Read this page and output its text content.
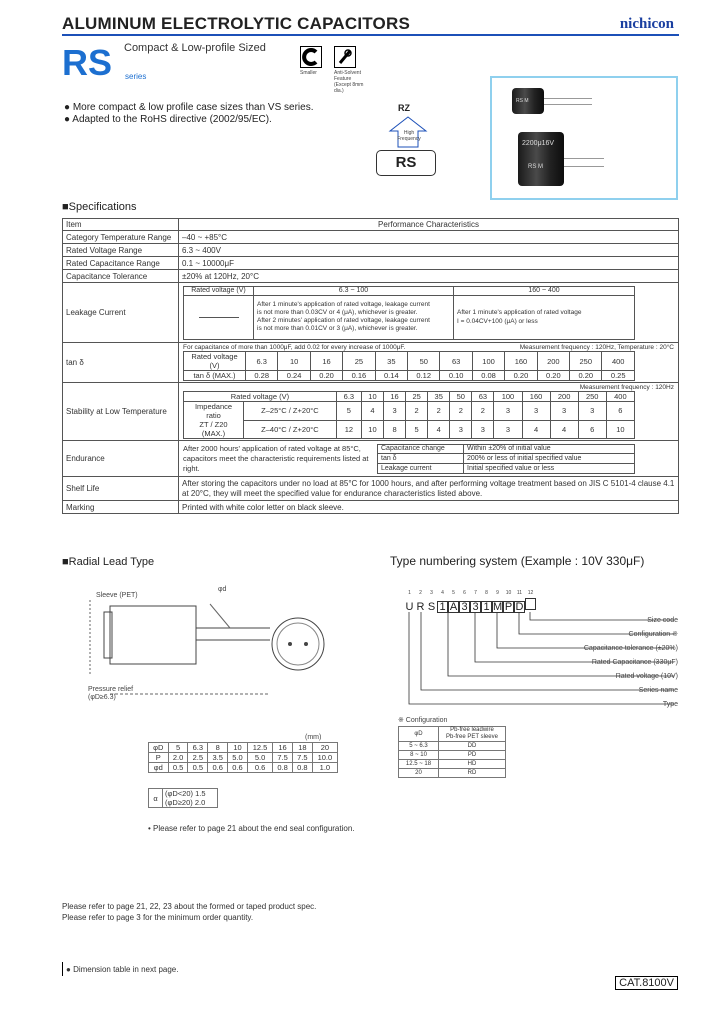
ALUMINUM ELECTROLYTIC CAPACITORS	nichicon
RS Compact & Low-profile Sized
series	Smaller	Anti-Solvent Feature (Except 8mm dia.)
● More compact & low profile case sizes than VS series.
● Adapted to the RoHS directive (2002/95/EC).
RZ
High Frequency
RS
RS M
2200μ16V
RS M
■Specifications
Item	Performance Characteristics
Category Temperature Range	–40 ~ +85°C
Rated Voltage Range	6.3 ~ 400V
Rated Capacitance Range	0.1 ~ 10000μF
Capacitance Tolerance	±20% at 120Hz, 20°C
Leakage Current	
Rated voltage (V)	6.3 ~ 100	160 ~ 400

After 1 minute's application of rated voltage, leakage current
is not more than 0.03CV or 4 (μA), whichever is greater.
After 2 minutes' application of rated voltage, leakage current
is not more than 0.01CV or 3 (μA), whichever is greater.

After 1 minute's application of rated voltage
I = 0.04CV+100 (μA) or less

tan δ	
For capacitance of more than 1000μF, add 0.02 for every increase of 1000μF.	Measurement frequency : 120Hz, Temperature : 20°C
Rated voltage (V)	6.3	10	16	25	35	50	63	100	160	200	250	400
tan δ (MAX.)	0.28	0.24	0.20	0.16	0.14	0.12	0.10	0.08	0.20	0.20	0.20	0.25

Stability at Low Temperature	
Measurement frequency : 120Hz
Rated voltage (V)	6.3	10	16	25	35	50	63	100	160	200	250	400

Impedance ratio
ZT / Z20 (MAX.)
	Z–25°C / Z+20°C	5	4	3	2	2	2	2	3	3	3	3	6
Z–40°C / Z+20°C	12	10	8	5	4	3	3	3	4	4	6	10

Endurance	
After 2000 hours' application of rated voltage at 85°C, capacitors meet the characteristic requirements listed at right.
Capacitance change	Within ±20% of initial value
tan δ	200% or less of initial specified value
Leakage current	Initial specified value or less

Shelf Life	After storing the capacitors under no load at 85°C for 1000 hours, and after performing voltage treatment based on JIS C 5101-4 clause 4.1 at 20°C, they will meet the specified value for endurance characteristics listed above.
Marking	Printed with white color letter on black sleeve.
■Radial Lead Type
Sleeve (PET)
φd
Pressure relief
(φD≥6.3)
(mm)
φD	5	6.3	8	10	12.5	16	18	20
P	2.0	2.5	3.5	5.0	5.0	7.5	7.5	10.0
φd	0.5	0.5	0.6	0.6	0.6	0.8	0.8	1.0
α	(φD<20) 1.5
(φD≥20) 2.0
• Please refer to page 21 about the end seal configuration.
Type numbering system (Example : 10V 330μF)
1 2 3 4 5 6 7 8 9 10 11 12
U R S 1 A 3 3 1 M P D
Size code
Configuration ※
Capacitance tolerance (±20%)
Rated Capacitance (330μF)
Rated voltage (10V)
Series name
Type
※ Configuration
φD	Pb-free leadwire
Pb-free PET sleeve

5 ~ 6.3	DD
8 ~ 10	PD
12.5 ~ 18	HD
20	RD
Please refer to page 21, 22, 23 about the formed or taped product spec.
Please refer to page 3 for the minimum order quantity.
● Dimension table in next page.
CAT.8100V
